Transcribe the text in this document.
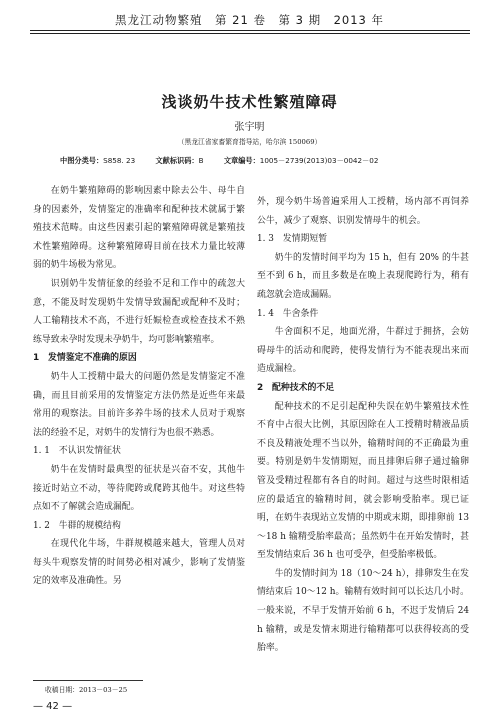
黑龙江动物繁殖　第 21 卷　第 3 期　2013 年
浅谈奶牛技术性繁殖障碍
张宇明
（黑龙江省家畜繁育指导站，哈尔滨 150069）
中图分类号：S858. 23	文献标识码：B	文章编号：1005－2739(2013)03－0042－02

在奶牛繁殖障碍的影响因素中除去公牛、母牛自身的因素外，发情鉴定的准确率和配种技术就属于繁殖技术范畴。由这些因素引起的繁殖障碍就是繁殖技术性繁殖障碍。这种繁殖障碍目前在技术力量比较薄弱的奶牛场极为常见。

识别奶牛发情征象的经验不足和工作中的疏忽大意，不能及时发现奶牛发情导致漏配或配种不及时；人工输精技术不高，不进行妊娠检查或检查技术不熟练导致未孕时发现未孕奶牛，均可影响繁殖率。

1　发情鉴定不准确的原因

奶牛人工授精中最大的问题仍然是发情鉴定不准确，而且目前采用的发情鉴定方法仍然是近些年来最常用的观察法。目前许多养牛场的技术人员对于观察法的经验不足，对奶牛的发情行为也很不熟悉。

1. 1　不认识发情征状

奶牛在发情时最典型的征状是兴奋不安，其他牛接近时站立不动，等待爬跨或爬跨其他牛。对这些特点如不了解就会造成漏配。

1. 2　牛群的规模结构

在现代化牛场，牛群规模越来越大，管理人员对每头牛观察发情的时间势必相对减少，影响了发情鉴定的效率及准确性。另

外，现今奶牛场普遍采用人工授精，场内部不再饲养公牛，减少了观察、识别发情母牛的机会。

1. 3　发情期短暂

奶牛的发情时间平均为 15 h，但有 20% 的牛甚至不到 6 h，而且多数是在晚上表现爬跨行为，稍有疏忽就会造成漏隔。

1. 4　牛舍条件

牛舍面积不足，地面光滑，牛群过于拥挤，会妨碍母牛的活动和爬跨，使得发情行为不能表现出来而造成漏检。

2　配种技术的不足

配种技术的不足引起配种失误在奶牛繁殖技术性不育中占很大比例，其原因除在人工授精时精液品质不良及精液处理不当以外，输精时间的不正确最为重要。特别是奶牛发情期短，而且排卵后卵子通过输卵管及受精过程都有各自的时间。超过与这些时限相适应的最适宜的输精时间，就会影响受胎率。现已证明，在奶牛表现站立发情的中期或末期，即排卵前 13～18 h 输精受胎率最高；虽然奶牛在开始发情时，甚至发情结束后 36 h 也可受孕，但受胎率极低。

牛的发情时间为 18（10～24 h），排卵发生在发情结束后 10～12 h。输精有效时间可以长达几小时。一般来说，不早于发情开始前 6 h，不迟于发情后 24 h 输精，或是发情末期进行输精都可以获得较高的受胎率。

收稿日期：2013－03－25
— 42 —
